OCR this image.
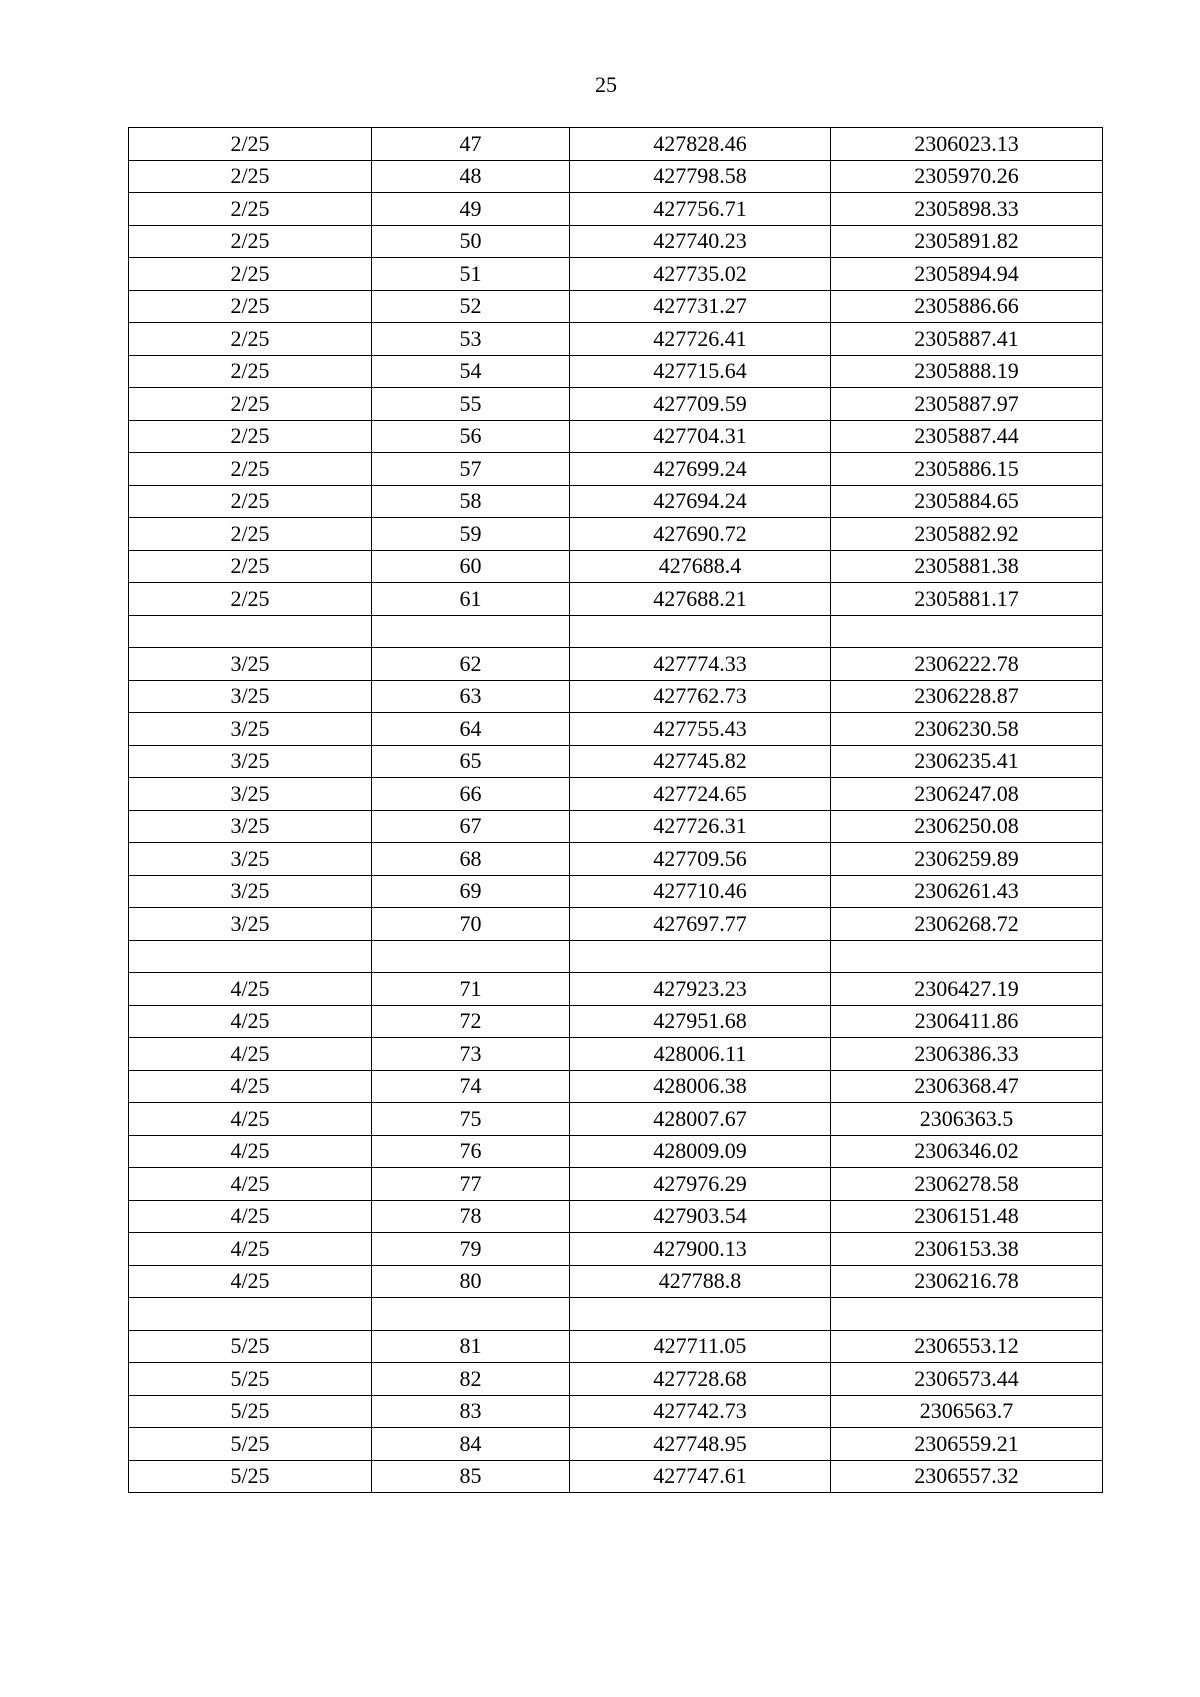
25
2/25	47	427828.46	2306023.13
2/25	48	427798.58	2305970.26
2/25	49	427756.71	2305898.33
2/25	50	427740.23	2305891.82
2/25	51	427735.02	2305894.94
2/25	52	427731.27	2305886.66
2/25	53	427726.41	2305887.41
2/25	54	427715.64	2305888.19
2/25	55	427709.59	2305887.97
2/25	56	427704.31	2305887.44
2/25	57	427699.24	2305886.15
2/25	58	427694.24	2305884.65
2/25	59	427690.72	2305882.92
2/25	60	427688.4	2305881.38
2/25	61	427688.21	2305881.17

3/25	62	427774.33	2306222.78
3/25	63	427762.73	2306228.87
3/25	64	427755.43	2306230.58
3/25	65	427745.82	2306235.41
3/25	66	427724.65	2306247.08
3/25	67	427726.31	2306250.08
3/25	68	427709.56	2306259.89
3/25	69	427710.46	2306261.43
3/25	70	427697.77	2306268.72

4/25	71	427923.23	2306427.19
4/25	72	427951.68	2306411.86
4/25	73	428006.11	2306386.33
4/25	74	428006.38	2306368.47
4/25	75	428007.67	2306363.5
4/25	76	428009.09	2306346.02
4/25	77	427976.29	2306278.58
4/25	78	427903.54	2306151.48
4/25	79	427900.13	2306153.38
4/25	80	427788.8	2306216.78

5/25	81	427711.05	2306553.12
5/25	82	427728.68	2306573.44
5/25	83	427742.73	2306563.7
5/25	84	427748.95	2306559.21
5/25	85	427747.61	2306557.32
